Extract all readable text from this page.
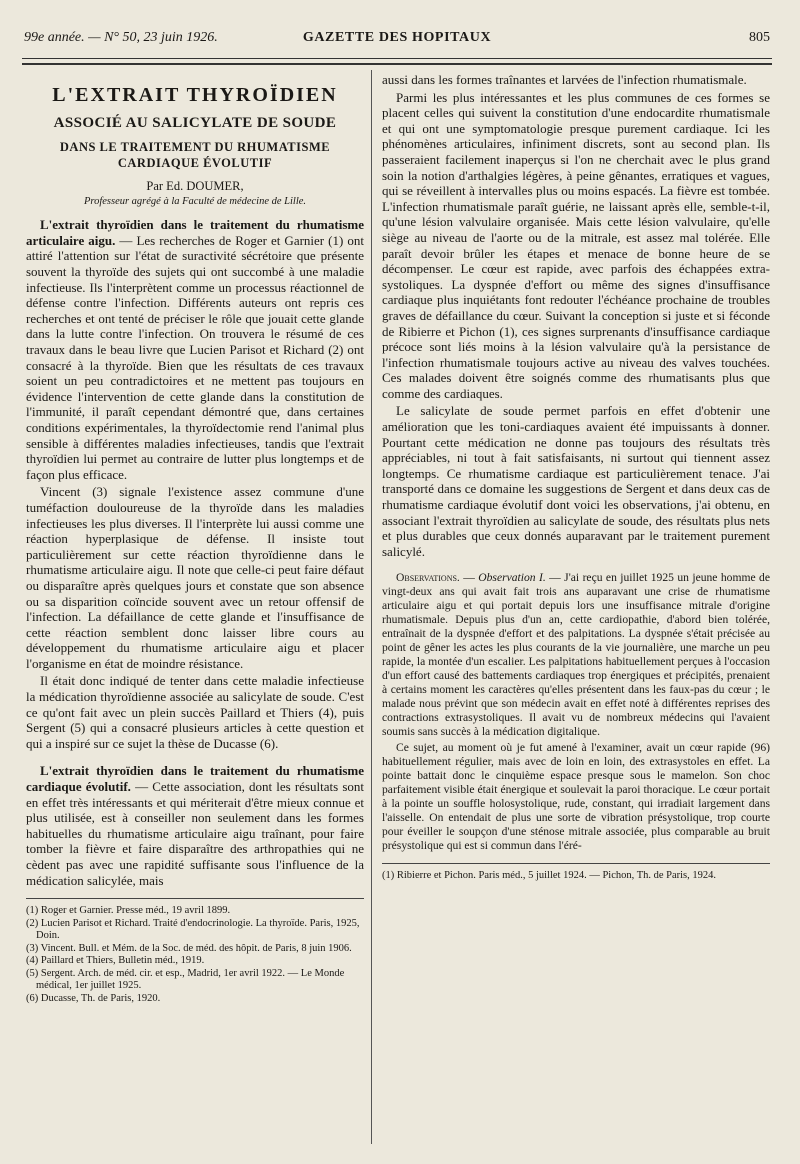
99e année. — N° 50, 23 juin 1926.	GAZETTE DES HOPITAUX	805
L'EXTRAIT THYROÏDIEN
ASSOCIÉ AU SALICYLATE DE SOUDE
DANS LE TRAITEMENT DU RHUMATISME CARDIAQUE ÉVOLUTIF
Par Ed. DOUMER,
Professeur agrégé à la Faculté de médecine de Lille.

L'extrait thyroïdien dans le traitement du rhumatisme articulaire aigu. — Les recherches de Roger et Garnier (1) ont attiré l'attention sur l'état de suractivité sécrétoire que présente souvent la thyroïde des sujets qui ont succombé à une maladie infectieuse. Ils l'interprètent comme un processus réactionnel de défense contre l'infection. Différents auteurs ont repris ces recherches et ont tenté de préciser le rôle que jouait cette glande dans la lutte contre l'infection. On trouvera le résumé de ces travaux dans le beau livre que Lucien Parisot et Richard (2) ont consacré à la thyroïde. Bien que les résultats de ces travaux soient un peu contradictoires et ne mettent pas toujours en évidence l'intervention de cette glande dans la constitution de l'immunité, il paraît cependant démontré que, dans certaines conditions expérimentales, la thyroïdectomie rend l'animal plus sensible à différentes maladies infectieuses, tandis que l'extrait thyroïdien lui permet au contraire de lutter plus longtemps et de façon plus efficace.

Vincent (3) signale l'existence assez commune d'une tuméfaction douloureuse de la thyroïde dans les maladies infectieuses les plus diverses. Il l'interprète lui aussi comme une réaction hyperplasique de défense. Il insiste tout particulièrement sur cette réaction thyroïdienne dans le rhumatisme articulaire aigu. Il note que celle-ci peut faire défaut ou disparaître après quelques jours et constate que son absence ou sa disparition coïncide souvent avec un retour offensif de l'infection. La défaillance de cette glande et l'insuffisance de cette réaction semblent donc laisser libre cours au développement du rhumatisme articulaire aigu et placer l'organisme en état de moindre résistance.

Il était donc indiqué de tenter dans cette maladie infectieuse la médication thyroïdienne associée au salicylate de soude. C'est ce qu'ont fait avec un plein succès Paillard et Thiers (4), puis Sergent (5) qui a consacré plusieurs articles à cette question et qui a inspiré sur ce sujet la thèse de Ducasse (6).

L'extrait thyroïdien dans le traitement du rhumatisme cardiaque évolutif. — Cette association, dont les résultats sont en effet très intéressants et qui mériterait d'être mieux connue et plus utilisée, est à conseiller non seulement dans les formes habituelles du rhumatisme articulaire aigu traînant, pour faire tomber la fièvre et faire disparaître des arthropathies qui ne cèdent pas avec une rapidité suffisante sous l'influence de la médication salicylée, mais

(1) Roger et Garnier. Presse méd., 19 avril 1899.

(2) Lucien Parisot et Richard. Traité d'endocrinologie. La thyroïde. Paris, 1925, Doin.

(3) Vincent. Bull. et Mém. de la Soc. de méd. des hôpit. de Paris, 8 juin 1906.

(4) Paillard et Thiers, Bulletin méd., 1919.

(5) Sergent. Arch. de méd. cir. et esp., Madrid, 1er avril 1922. — Le Monde médical, 1er juillet 1925.

(6) Ducasse, Th. de Paris, 1920.

aussi dans les formes traînantes et larvées de l'infection rhumatismale.

Parmi les plus intéressantes et les plus communes de ces formes se placent celles qui suivent la constitution d'une endocardite rhumatismale et qui ont une symptomatologie presque purement cardiaque. Ici les phénomènes articulaires, infiniment discrets, sont au second plan. Ils passeraient facilement inaperçus si l'on ne cherchait avec le plus grand soin la notion d'arthalgies légères, à peine gênantes, erratiques et vagues, qui se réveillent à intervalles plus ou moins espacés. La fièvre est tombée. L'infection rhumatismale paraît guérie, ne laissant après elle, semble-t-il, qu'une lésion valvulaire organisée. Mais cette lésion valvulaire, qu'elle siège au niveau de l'aorte ou de la mitrale, est assez mal tolérée. Elle paraît devoir brûler les étapes et menace de bonne heure de se décompenser. Le cœur est rapide, avec parfois des échappées extra-systoliques. La dyspnée d'effort ou même des signes d'insuffisance cardiaque plus inquiétants font redouter l'échéance prochaine de troubles graves de défaillance du cœur. Suivant la conception si juste et si féconde de Ribierre et Pichon (1), ces signes surprenants d'insuffisance cardiaque précoce sont liés moins à la lésion valvulaire qu'à la persistance de l'infection rhumatismale toujours active au niveau des valves touchées. Ces malades doivent être soignés comme des rhumatisants plus que comme des cardiaques.

Le salicylate de soude permet parfois en effet d'obtenir une amélioration que les toni-cardiaques avaient été impuissants à donner. Pourtant cette médication ne donne pas toujours des résultats très appréciables, ni tout à fait satisfaisants, ni surtout qui tiennent assez longtemps. Ce rhumatisme cardiaque est particulièrement tenace. J'ai transporté dans ce domaine les suggestions de Sergent et dans deux cas de rhumatisme cardiaque évolutif dont voici les observations, j'ai obtenu, en associant l'extrait thyroïdien au salicylate de soude, des résultats plus nets et plus durables que ceux donnés auparavant par le traitement purement salicylé.

Observations. — Observation I. — J'ai reçu en juillet 1925 un jeune homme de vingt-deux ans qui avait fait trois ans auparavant une crise de rhumatisme articulaire aigu et qui portait depuis lors une insuffisance mitrale d'origine rhumatismale. Depuis plus d'un an, cette cardiopathie, d'abord bien tolérée, entraînait de la dyspnée d'effort et des palpitations. La dyspnée s'était précisée au point de gêner les actes les plus courants de la vie journalière, une marche un peu rapide, la montée d'un escalier. Les palpitations habituellement perçues à l'occasion d'un effort causé des battements cardiaques trop énergiques et précipités, prenaient à certains moment les caractères qu'elles présentent dans les faux-pas du cœur ; le malade nous prévint que son médecin avait en effet noté à différentes reprises des contractions extrasystoliques. Il avait vu de nombreux médecins qui l'avaient soumis sans succès à la médication digitalique.

Ce sujet, au moment où je fut amené à l'examiner, avait un cœur rapide (96) habituellement régulier, mais avec de loin en loin, des extrasystoles en effet. La pointe battait donc le cinquième espace presque sous le mamelon. Son choc parfaitement visible était énergique et soulevait la paroi thoracique. Le cœur portait à la pointe un souffle holosystolique, rude, constant, qui irradiait largement dans l'aisselle. On entendait de plus une sorte de vibration présystolique, trop courte pour éveiller le soupçon d'une sténose mitrale associée, plus comparable au bruit présystolique qui est si commun dans l'éré-

(1) Ribierre et Pichon. Paris méd., 5 juillet 1924. — Pichon, Th. de Paris, 1924.
